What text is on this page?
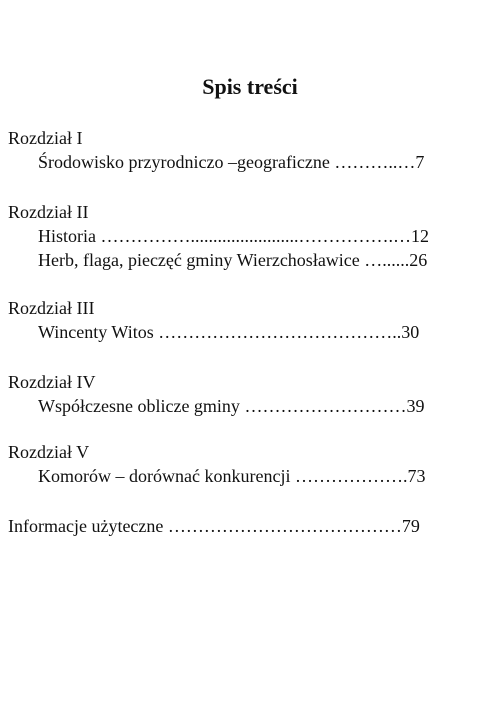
Spis treści
Rozdział I
Środowisko przyrodniczo –geograficzne ………..…7
Rozdział II
Historia ……………........................…………….…12
Herb, flaga, pieczęć gminy Wierzchosławice …......26
Rozdział III
Wincenty Witos …………………………………..30
Rozdział IV
Współczesne oblicze gminy ………………………39
Rozdział V
Komorów – dorównać konkurencji ……………….73
Informacje użyteczne …………………………………79
